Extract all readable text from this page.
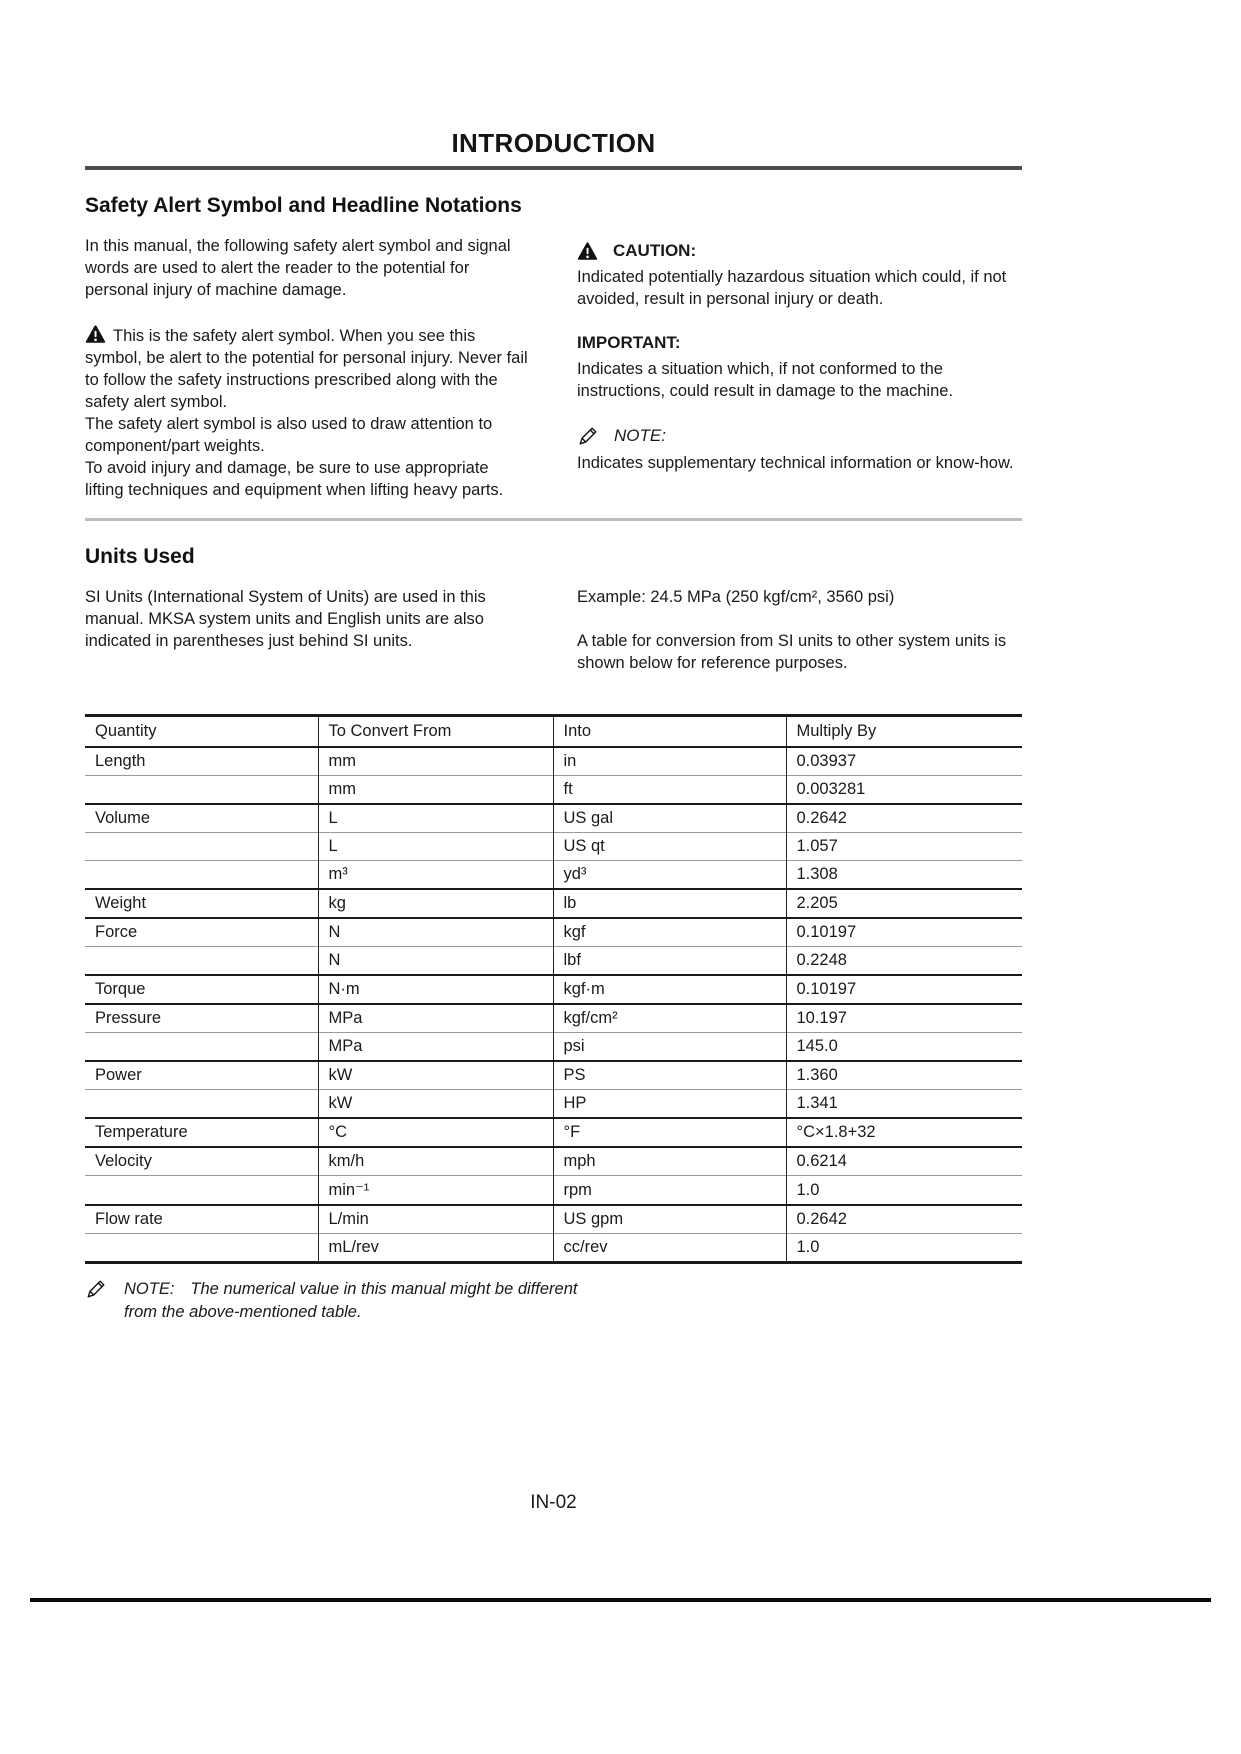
INTRODUCTION
Safety Alert Symbol and Headline Notations

In this manual, the following safety alert symbol and signal words are used to alert the reader to the potential for personal injury of machine damage.

This is the safety alert symbol. When you see this symbol, be alert to the potential for personal injury. Never fail to follow the safety instructions prescribed along with the safety alert symbol.
The safety alert symbol is also used to draw attention to component/part weights.
To avoid injury and damage, be sure to use appropriate lifting techniques and equipment when lifting heavy parts.
CAUTION:

Indicated potentially hazardous situation which could, if not avoided, result in personal injury or death.

IMPORTANT:

Indicates a situation which, if not conformed to the instructions, could result in damage to the machine.

NOTE:

Indicates supplementary technical information or know-how.

Units Used

SI Units (International System of Units) are used in this manual. MKSA system units and English units are also indicated in parentheses just behind SI units.

Example: 24.5 MPa (250 kgf/cm², 3560 psi)

A table for conversion from SI units to other system units is shown below for reference purposes.

Quantity	To Convert From	Into	Multiply By
Length	mm	in	0.03937
	mm	ft	0.003281
Volume	L	US gal	0.2642
	L	US qt	1.057
	m³	yd³	1.308
Weight	kg	lb	2.205
Force	N	kgf	0.10197
	N	lbf	0.2248
Torque	N·m	kgf·m	0.10197
Pressure	MPa	kgf/cm²	10.197
	MPa	psi	145.0
Power	kW	PS	1.360
	kW	HP	1.341
Temperature	°C	°F	°C×1.8+32
Velocity	km/h	mph	0.6214
	min⁻¹	rpm	1.0
Flow rate	L/min	US gpm	0.2642
	mL/rev	cc/rev	1.0
NOTE: The numerical value in this manual might be different from the above-mentioned table.
IN-02
